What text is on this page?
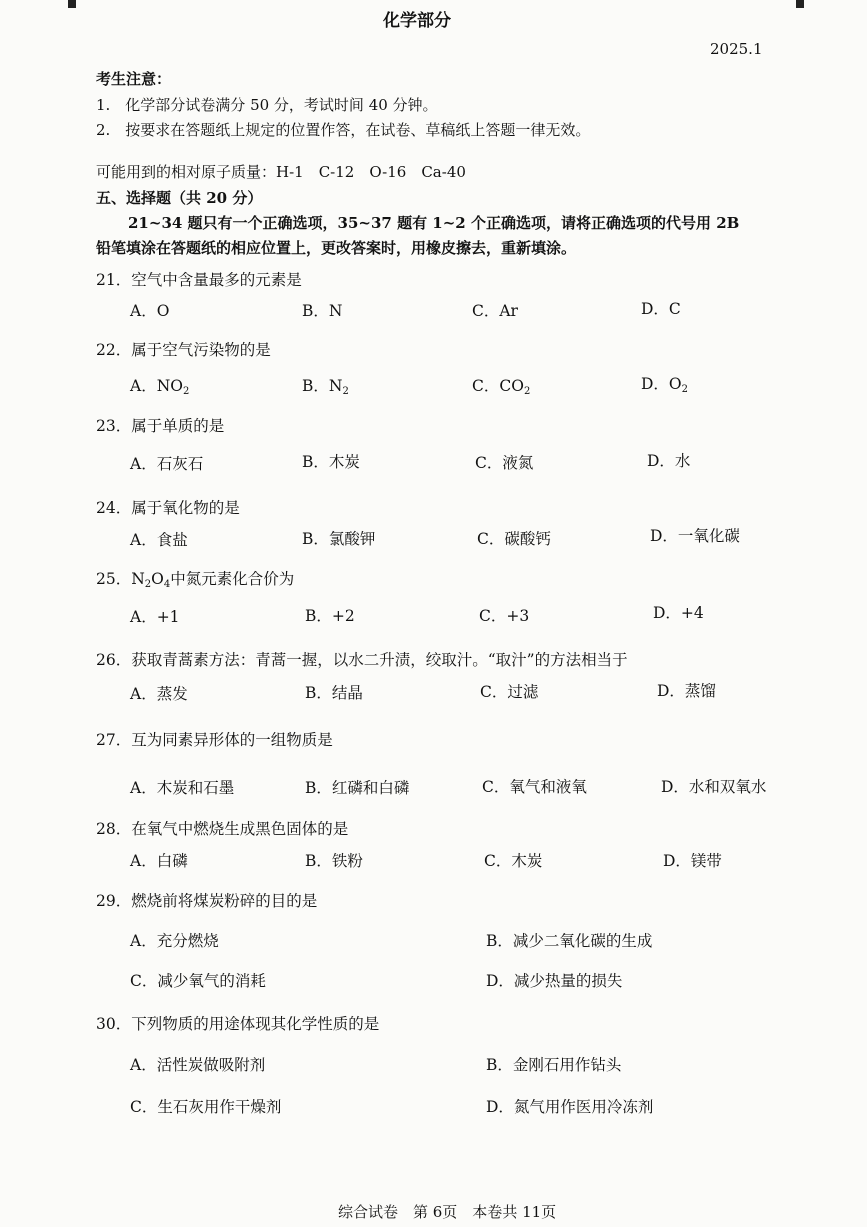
化学部分
2025.1
考生注意：
1.　化学部分试卷满分 50 分，考试时间 40 分钟。
2.　按要求在答题纸上规定的位置作答，在试卷、草稿纸上答题一律无效。
可能用到的相对原子质量：H-1　C-12　O-16　Ca-40
五、选择题（共 20 分）
21~34 题只有一个正确选项，35~37 题有 1~2 个正确选项，请将正确选项的代号用 2B
铅笔填涂在答题纸的相应位置上，更改答案时，用橡皮擦去，重新填涂。
21．空气中含量最多的元素是
A．O	B．N	C．Ar	D．C
22．属于空气污染物的是
A．$NO_2$	B．$N_2$	C．$CO_2$	D．$O_2$
23．属于单质的是
A．石灰石	B．木炭	C．液氮	D．水
24．属于氧化物的是
A．食盐	B．氯酸钾	C．碳酸钙	D．一氧化碳
25．$N_2O_4$中氮元素化合价为
A．+1	B．+2	C．+3	D．+4
26．获取青蒿素方法：青蒿一握，以水二升渍，绞取汁。“取汁”的方法相当于
A．蒸发	B．结晶	C．过滤	D．蒸馏
27．互为同素异形体的一组物质是
A．木炭和石墨	B．红磷和白磷	C．氧气和液氧	D．水和双氧水
28．在氧气中燃烧生成黑色固体的是
A．白磷	B．铁粉	C．木炭	D．镁带
29．燃烧前将煤炭粉碎的目的是
A．充分燃烧	B．减少二氧化碳的生成
C．减少氧气的消耗	D．减少热量的损失
30．下列物质的用途体现其化学性质的是
A．活性炭做吸附剂	B．金刚石用作钻头
C．生石灰用作干燥剂	D．氮气用作医用冷冻剂
综合试卷　第 6页　本卷共 11页
